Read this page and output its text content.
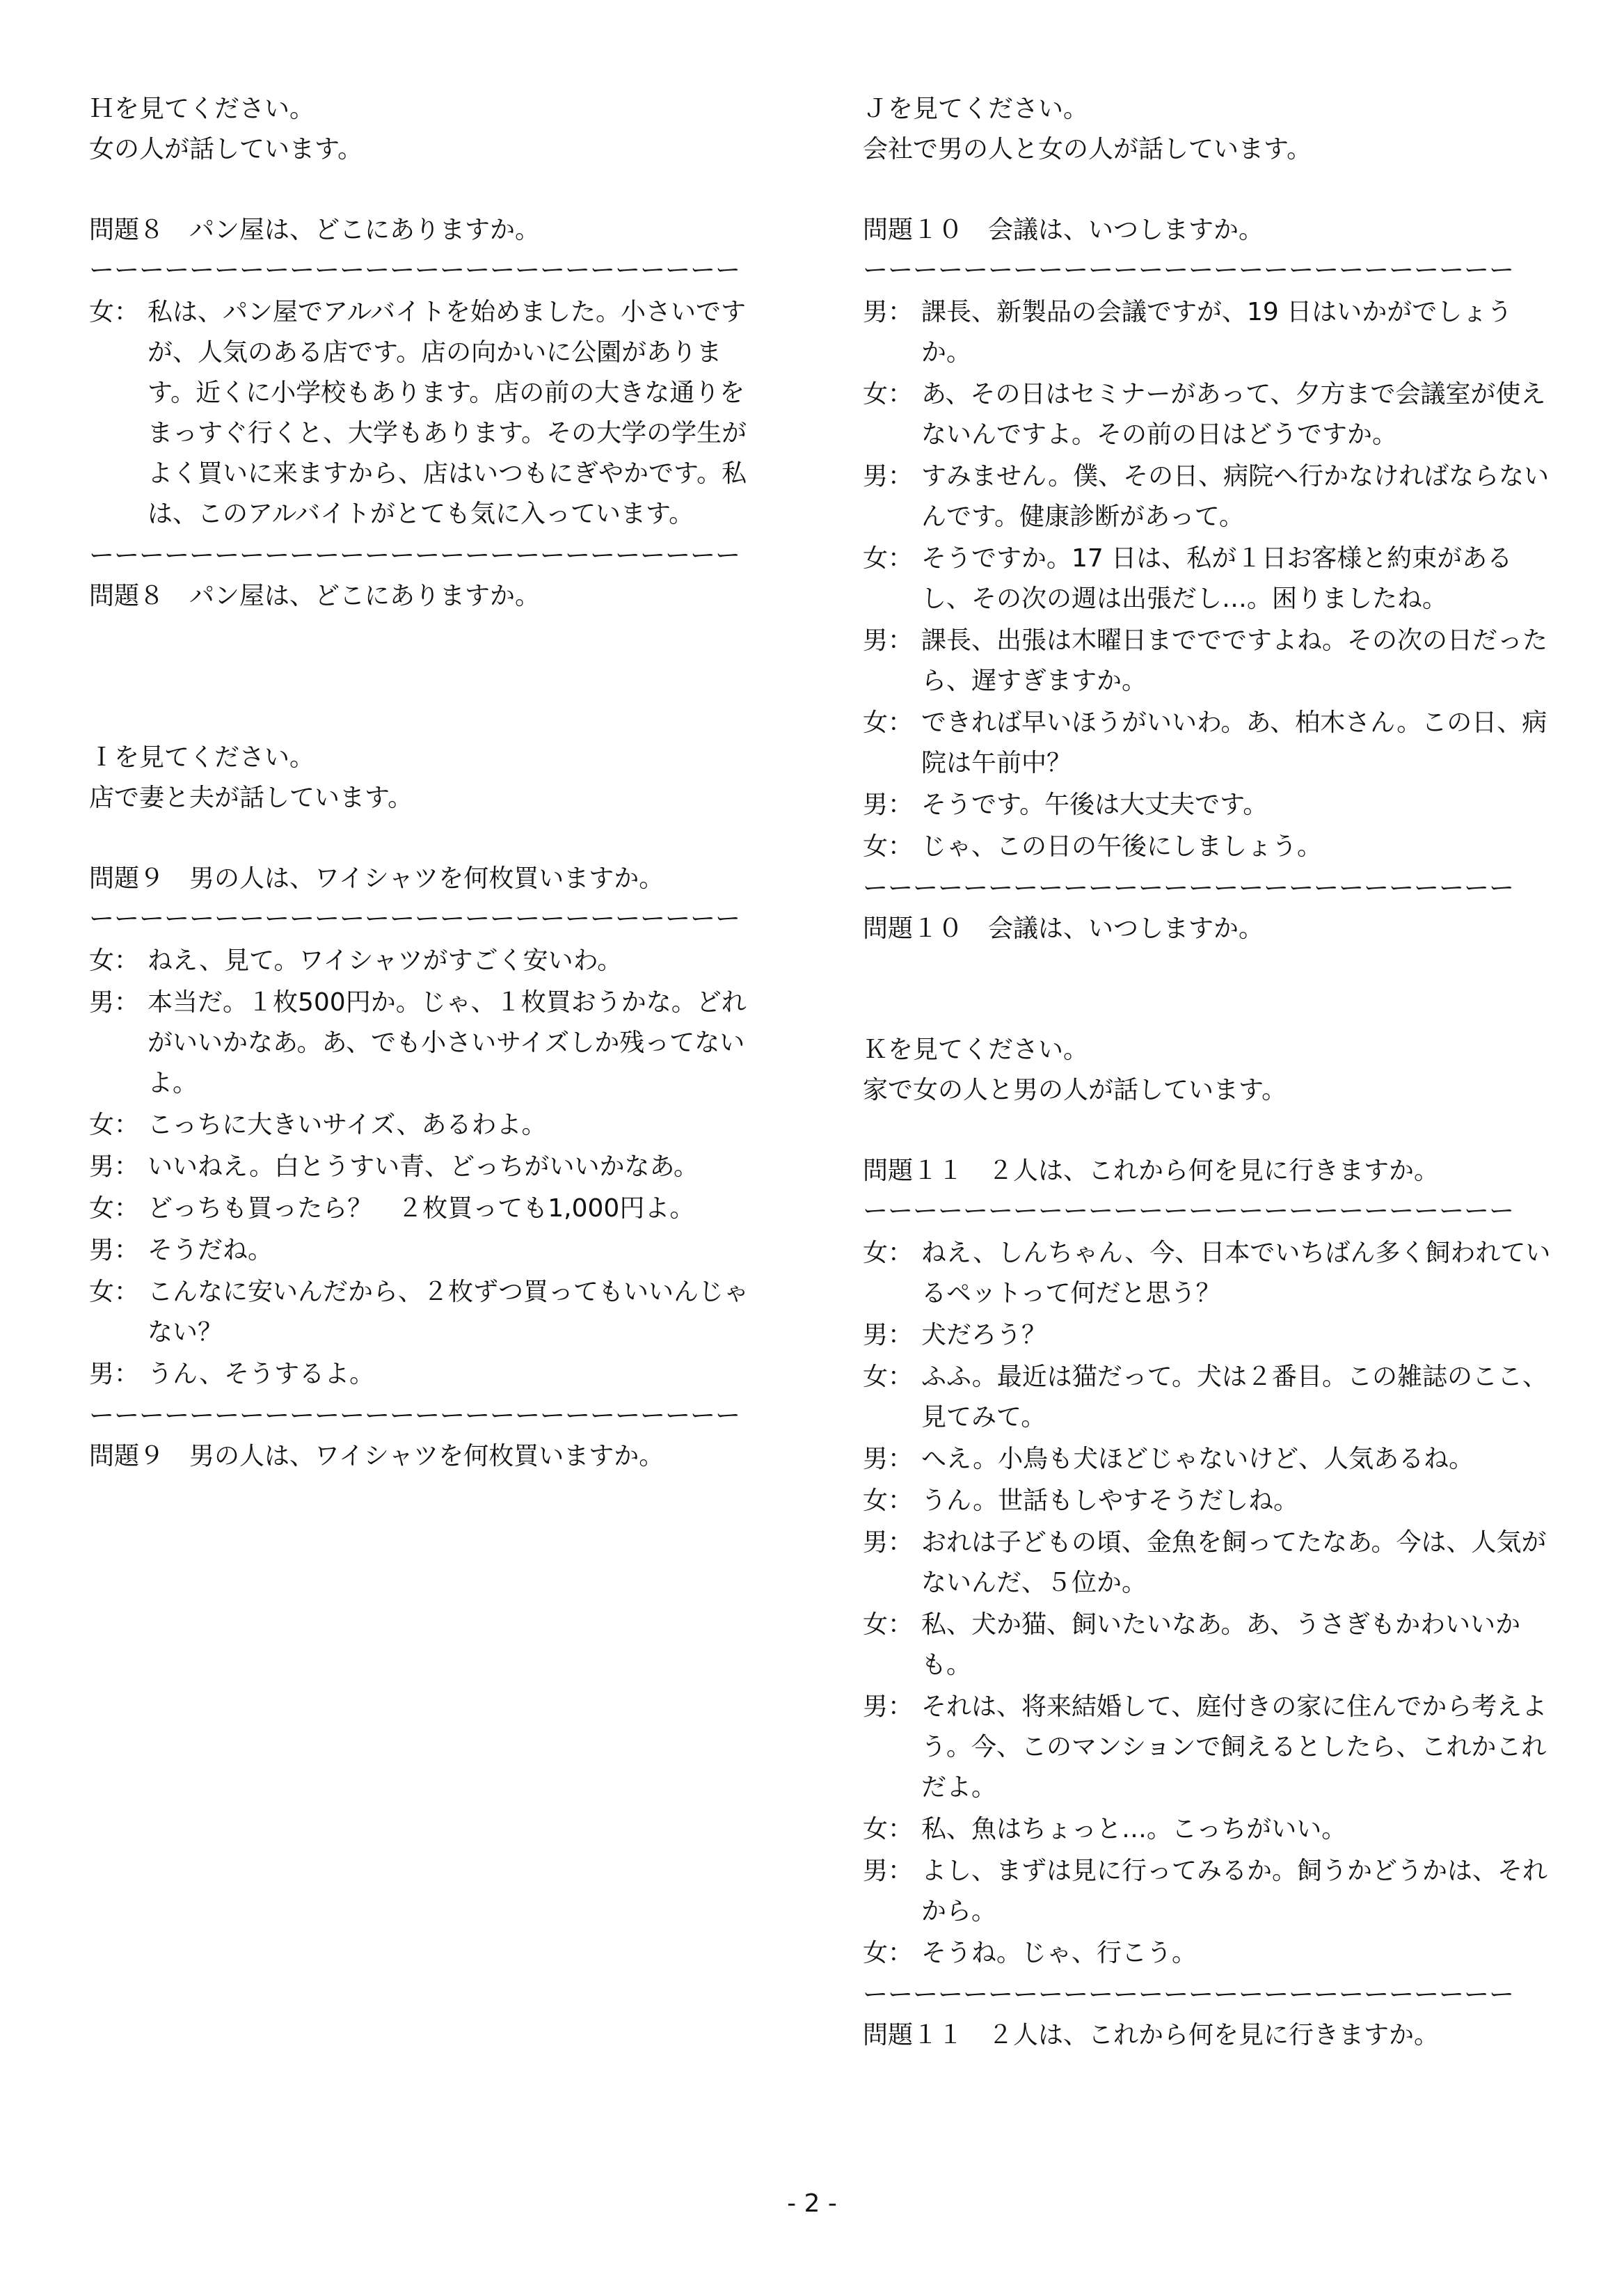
Ｈを見てください。
女の人が話しています。
問題８　パン屋は、どこにありますか。
ーーーーーーーーーーーーーーーーーーーーーーーーーー
女： 私は、パン屋でアルバイトを始めました。小さいですが、人気のある店です。店の向かいに公園があります。近くに小学校もあります。店の前の大きな通りをまっすぐ行くと、大学もあります。その大学の学生がよく買いに来ますから、店はいつもにぎやかです。私は、このアルバイトがとても気に入っています。
ーーーーーーーーーーーーーーーーーーーーーーーーーー
問題８　パン屋は、どこにありますか。
Ｉを見てください。
店で妻と夫が話しています。
問題９　男の人は、ワイシャツを何枚買いますか。
ーーーーーーーーーーーーーーーーーーーーーーーーーー
女： ねえ、見て。ワイシャツがすごく安いわ。
男： 本当だ。１枚500円か。じゃ、１枚買おうかな。どれがいいかなあ。あ、でも小さいサイズしか残ってないよ。
女： こっちに大きいサイズ、あるわよ。
男： いいねえ。白とうすい青、どっちがいいかなあ。
女： どっちも買ったら？　２枚買っても1,000円よ。
男： そうだね。
女： こんなに安いんだから、２枚ずつ買ってもいいんじゃない？
男： うん、そうするよ。
ーーーーーーーーーーーーーーーーーーーーーーーーーー
問題９　男の人は、ワイシャツを何枚買いますか。
Ｊを見てください。
会社で男の人と女の人が話しています。
問題１０　会議は、いつしますか。
ーーーーーーーーーーーーーーーーーーーーーーーーーー
男： 課長、新製品の会議ですが、19 日はいかがでしょうか。
女： あ、その日はセミナーがあって、夕方まで会議室が使えないんですよ。その前の日はどうですか。
男： すみません。僕、その日、病院へ行かなければならないんです。健康診断があって。
女： そうですか。17 日は、私が１日お客様と約束があるし、その次の週は出張だし…。困りましたね。
男： 課長、出張は木曜日まででですよね。その次の日だったら、遅すぎますか。
女： できれば早いほうがいいわ。あ、柏木さん。この日、病院は午前中？
男： そうです。午後は大丈夫です。
女： じゃ、この日の午後にしましょう。
ーーーーーーーーーーーーーーーーーーーーーーーーーー
問題１０　会議は、いつしますか。
Ｋを見てください。
家で女の人と男の人が話しています。
問題１１　２人は、これから何を見に行きますか。
ーーーーーーーーーーーーーーーーーーーーーーーーーー
女： ねえ、しんちゃん、今、日本でいちばん多く飼われているペットって何だと思う？
男： 犬だろう？
女： ふふ。最近は猫だって。犬は２番目。この雑誌のここ、見てみて。
男： へえ。小鳥も犬ほどじゃないけど、人気あるね。
女： うん。世話もしやすそうだしね。
男： おれは子どもの頃、金魚を飼ってたなあ。今は、人気がないんだ、５位か。
女： 私、犬か猫、飼いたいなあ。あ、うさぎもかわいいかも。
男： それは、将来結婚して、庭付きの家に住んでから考えよう。今、このマンションで飼えるとしたら、これかこれだよ。
女： 私、魚はちょっと…。こっちがいい。
男： よし、まずは見に行ってみるか。飼うかどうかは、それから。
女： そうね。じゃ、行こう。
ーーーーーーーーーーーーーーーーーーーーーーーーーー
問題１１　２人は、これから何を見に行きますか。
- 2 -
